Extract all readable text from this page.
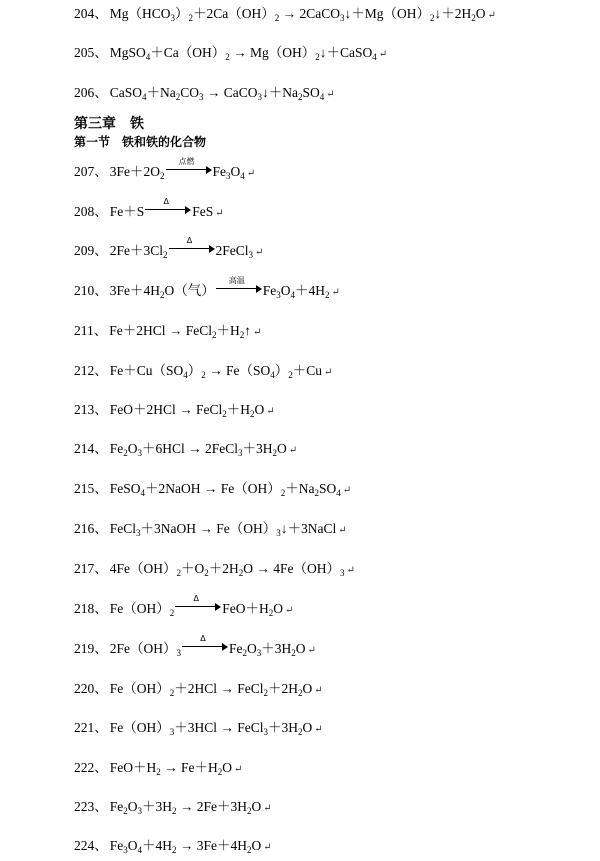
第三章　铁
第一节　铁和铁的化合物
204、 $Mg(HCO_3)_2+2Ca(OH)_2$ → $2CaCO_3↓+Mg(OH)_2↓+2H_2O$ ↵
205、 $MgSO_4+Ca(OH)_2$ → $Mg(OH)_2↓+CaSO_4$ ↵
206、 $CaSO_4+Na_2CO_3$ → $CaCO_3↓+Na_2SO_4$ ↵
207、 $3Fe+2O_2$
点燃
$Fe_3O_4$ ↵
208、 Fe＋S
Δ
FeS ↵
209、 $2Fe+3Cl_2$
Δ
2FeCl$_3$ ↵
210、 $3Fe+4H_2O$（气）
高温
$Fe_3O_4+4H_2$ ↵
211、 $Fe+2HCl \to FeCl_2+H_2↑$ ↵
212、 $Fe+Cu(SO_4)_2 \to Fe(SO_4)_2+Cu$ ↵
213、 $FeO+2HCl \to FeCl_2+H_2O$ ↵
214、 $Fe_2O_3+6HCl$ → $2FeCl_3+3H_2O$ ↵
215、 FeSO$_4$＋2NaOH → $Fe(OH)_2+Na_2SO_4$ ↵
216、 FeCl$_3$＋3NaOH → $Fe(OH)_3↓+3NaCl$ ↵
217、 $4Fe(OH)_2+O_2+2H_2O \to 4Fe(OH)_3$ ↵
218、 $Fe(OH)_2$
Δ
$FeO+H_2O$ ↵
219、 $2Fe(OH)_3$
Δ
$Fe_2O_3+3H_2O$ ↵
220、 $Fe(OH)_2+2HCl$ → $FeCl_2+2H_2O$ ↵
221、 $Fe(OH)_3+3HCl$ → $FeCl_3+3H_2O$ ↵
222、 $FeO+H_2 \to Fe+H_2O$ ↵
223、 $Fe_2O_3+3H_2 \to 2Fe+3H_2O$ ↵
224、 $Fe_3O_4+4H_2 \to 3Fe+4H_2O$ ↵
